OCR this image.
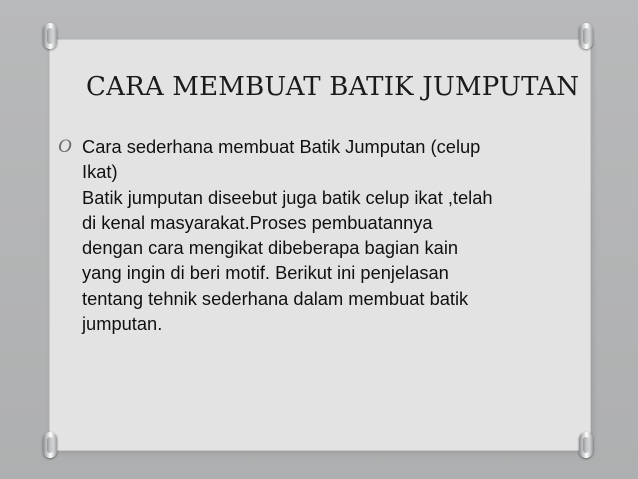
CARA MEMBUAT BATIK JUMPUTAN
O Cara sederhana membuat Batik Jumputan (celup
Ikat)
Batik jumputan diseebut juga batik celup ikat ,telah
di kenal masyarakat.Proses pembuatannya
dengan cara mengikat dibeberapa bagian kain
yang ingin di beri motif. Berikut ini penjelasan
tentang tehnik sederhana dalam membuat batik
jumputan.
